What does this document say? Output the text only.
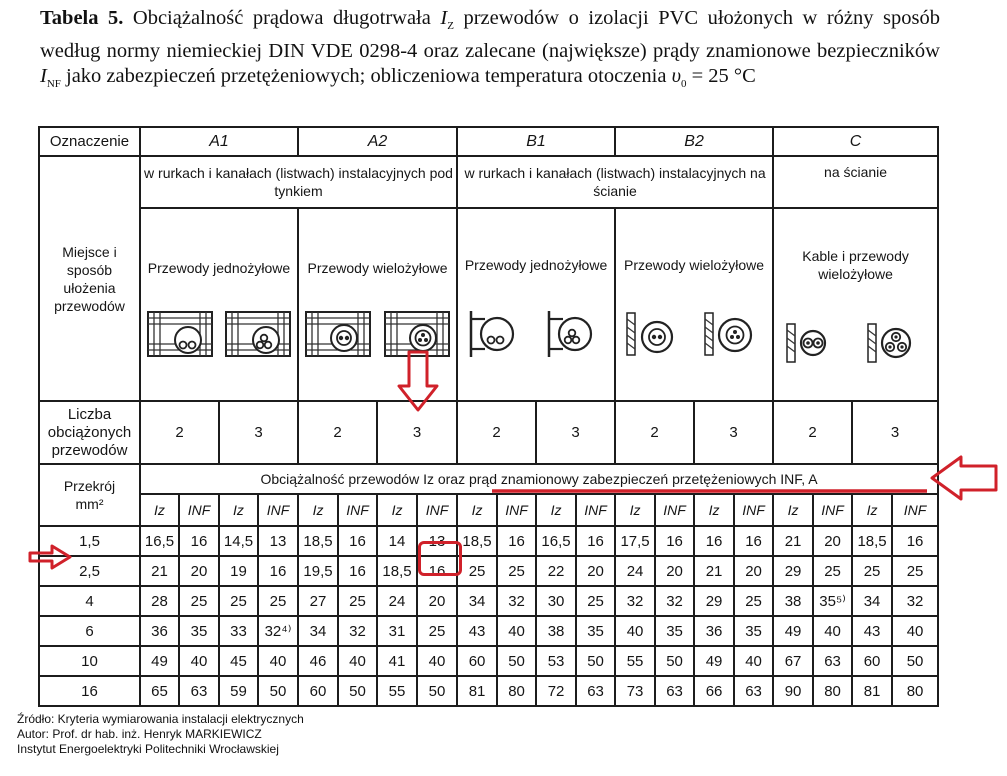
Tabela 5. Obciążalność prądowa długotrwała $I_Z$ przewodów o izolacji PVC ułożonych w różny sposób według normy niemieckiej DIN VDE 0298-4 oraz zalecane (największe) prądy znamionowe bezpieczników $I_{NF}$ jako zabezpieczeń przetężeniowych; obliczeniowa temperatura otoczenia $\upsilon_0 = 25$ °C
Oznaczenie	A1				A2				B1				B2				C			
Miejsce i sposób ułożenia przewodów	w rurkach i kanałach (listwach) instalacyjnych pod tynkiem								w rurkach i kanałach (listwach) instalacyjnych na ścianie								na ścianie			

	Przewody jednożyłowe				Przewody wielożyłowe				Przewody jednożyłowe				Przewody wielożyłowe				Kable i przewody wielożyłowe			

Liczba obciążonych przewodów	2		3		2		3		2		3		2		3		2		3	
Przekrój
mm²	Obciążalność przewodów Iz oraz prąd znamionowy zabezpieczeń przetężeniowych INF, A																			
	Iz	INF	Iz	INF	Iz	INF	Iz	INF	Iz	INF	Iz	INF	Iz	INF	Iz	INF	Iz	INF	Iz	INF
1,5	16,5	16	14,5	13	18,5	16	14	13	18,5	16	16,5	16	17,5	16	16	16	21	20	18,5	16
2,5	21	20	19	16	19,5	16	18,5	16	25	25	22	20	24	20	21	20	29	25	25	25
4	28	25	25	25	27	25	24	20	34	32	30	25	32	32	29	25	38	35⁵⁾	34	32
6	36	35	33	32⁴⁾	34	32	31	25	43	40	38	35	40	35	36	35	49	40	43	40
10	49	40	45	40	46	40	41	40	60	50	53	50	55	50	49	40	67	63	60	50
16	65	63	59	50	60	50	55	50	81	80	72	63	73	63	66	63	90	80	81	80
Źródło: Kryteria wymiarowania instalacji elektrycznych
Autor: Prof. dr hab. inż. Henryk MARKIEWICZ
Instytut Energoelektryki Politechniki Wrocławskiej
